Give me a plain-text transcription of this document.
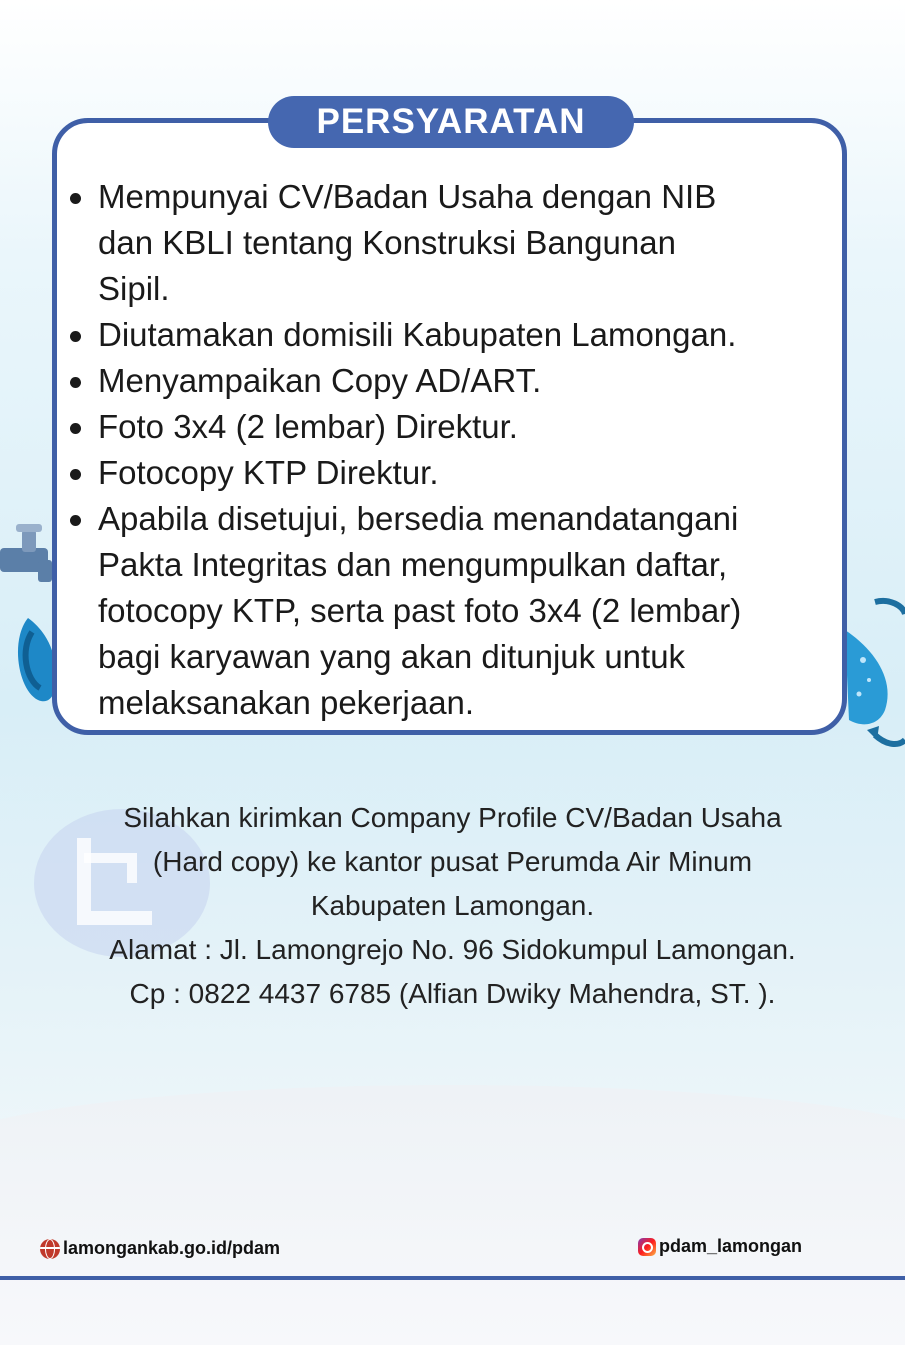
PERSYARATAN
Mempunyai CV/Badan Usaha dengan NIB
dan KBLI tentang Konstruksi Bangunan
Sipil.
Diutamakan domisili Kabupaten Lamongan.
Menyampaikan Copy AD/ART.
Foto 3x4 (2 lembar) Direktur.
Fotocopy KTP Direktur.
Apabila disetujui, bersedia menandatangani
Pakta Integritas dan mengumpulkan daftar,
fotocopy KTP, serta past foto 3x4 (2 lembar)
bagi karyawan yang akan ditunjuk untuk
melaksanakan pekerjaan.
Silahkan kirimkan Company Profile CV/Badan Usaha
(Hard copy) ke kantor pusat Perumda Air Minum
Kabupaten Lamongan.
Alamat : Jl. Lamongrejo No. 96 Sidokumpul Lamongan.
Cp : 0822 4437 6785 (Alfian Dwiky Mahendra, ST. ).
lamongankab.go.id/pdam	pdam_lamongan
